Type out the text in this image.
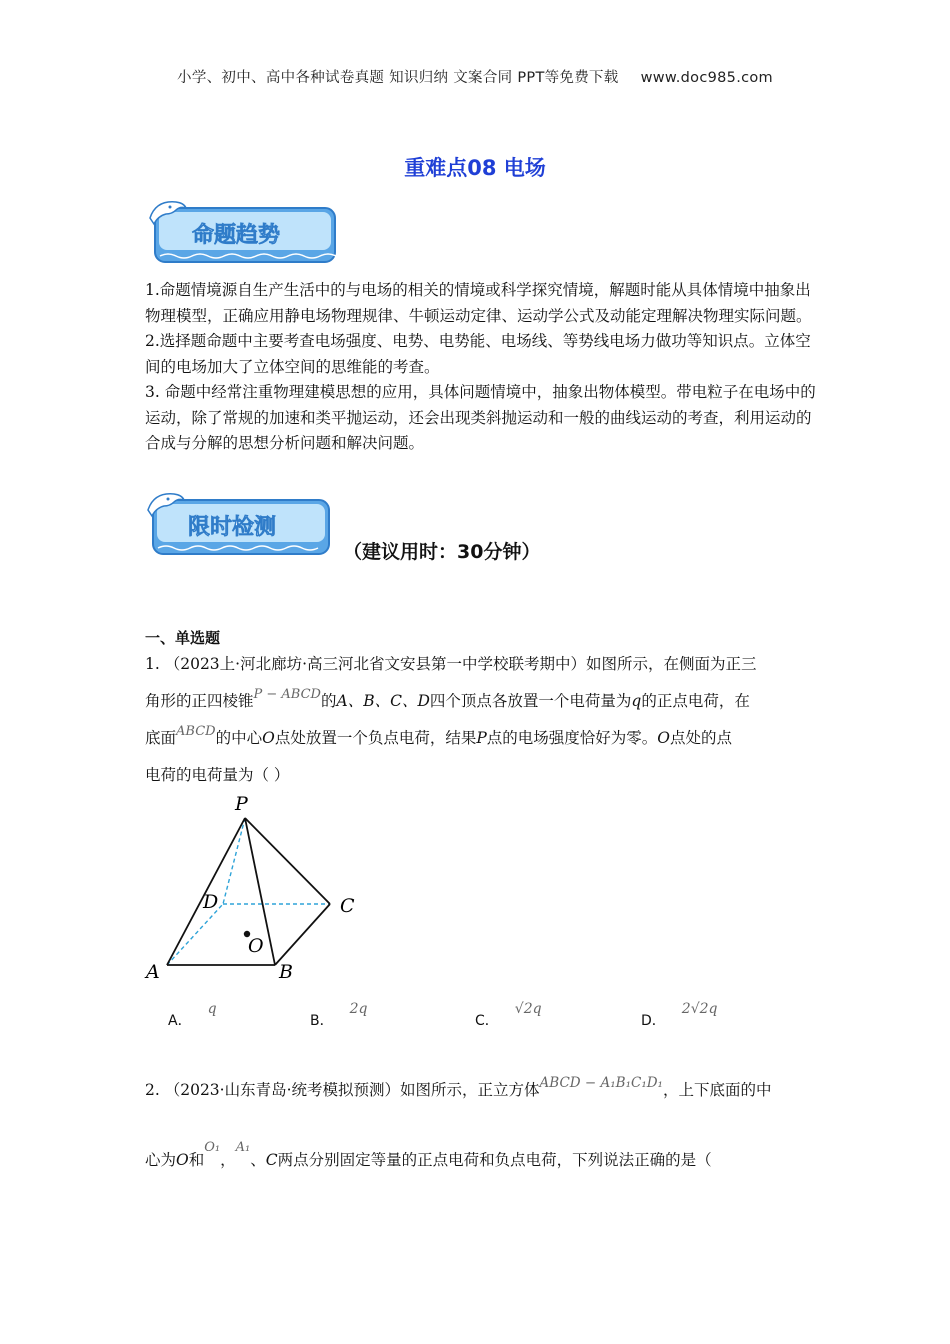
小学、初中、高中各种试卷真题 知识归纳 文案合同 PPT等免费下载 www.doc985.com
重难点08 电场
命题趋势

1.命题情境源自生产生活中的与电场的相关的情境或科学探究情境，解题时能从具体情境中抽象出物理模型，正确应用静电场物理规律、牛顿运动定律、运动学公式及动能定理解决物理实际问题。

2.选择题命题中主要考查电场强度、电势、电势能、电场线、等势线电场力做功等知识点。立体空间的电场加大了立体空间的思维能的考查。

3. 命题中经常注重物理建模思想的应用，具体问题情境中，抽象出物体模型。带电粒子在电场中的运动，除了常规的加速和类平抛运动，还会出现类斜抛运动和一般的曲线运动的考查，利用运动的合成与分解的思想分析问题和解决问题。

限时检测
（建议用时：30分钟）
一、单选题
1. （2023上·河北廊坊·高三河北省文安县第一中学校联考期中）如图所示，在侧面为正三
角形的正四棱锥$^{P - ABCD}$的A、B、C、D四个顶点各放置一个电荷量为q的正点电荷，在
底面$^{ABCD}$的中心O点处放置一个负点电荷，结果P点的电场强度恰好为零。O点处的点
电荷的电荷量为（ ）
P
A	B
C
D
O
A．q
B．2q
C．√2q
D．2√2q
2. （2023·山东青岛·统考模拟预测）如图所示，正立方体ABCD − A₁B₁C₁D₁，上下底面的中
心为O和$^{O_1}$，$^{A_1}$、C两点分别固定等量的正点电荷和负点电荷，下列说法正确的是（
